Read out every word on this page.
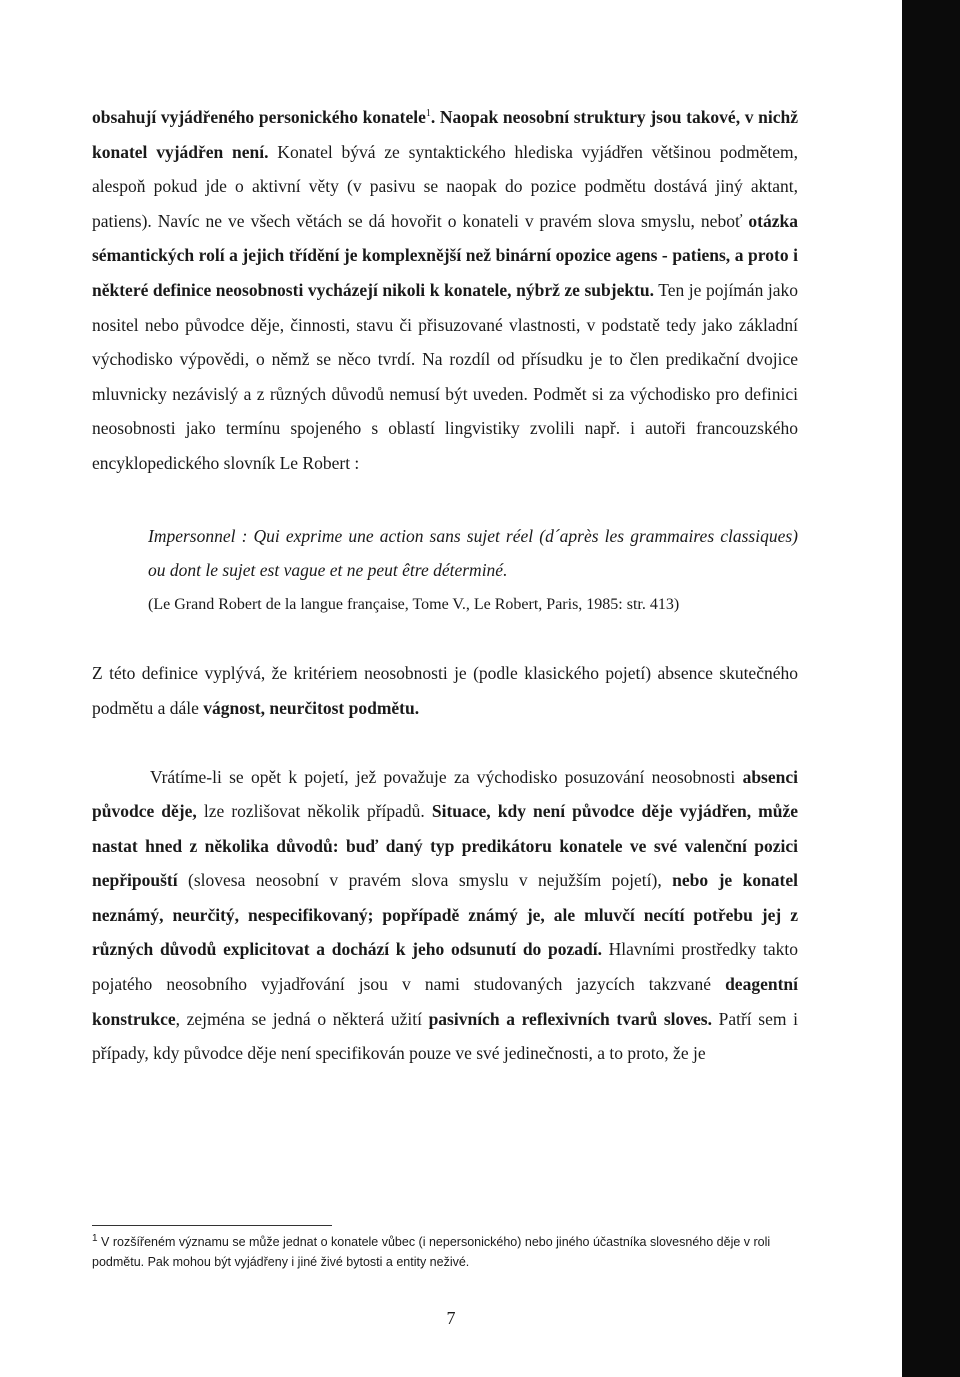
obsahují vyjádřeného personického konatele$^1$. Naopak neosobní struktury jsou takové, v nichž konatel vyjádřen není. Konatel bývá ze syntaktického hlediska vyjádřen většinou podmětem, alespoň pokud jde o aktivní věty (v pasivu se naopak do pozice podmětu dostává jiný aktant, patiens). Navíc ne ve všech větách se dá hovořit o konateli v pravém slova smyslu, neboť otázka sémantických rolí a jejich třídění je komplexnější než binární opozice agens - patiens, a proto i některé definice neosobnosti vycházejí nikoli k konatele, nýbrž ze subjektu. Ten je pojímán jako nositel nebo původce děje, činnosti, stavu či přisuzované vlastnosti, v podstatě tedy jako základní východisko výpovědi, o němž se něco tvrdí. Na rozdíl od přísudku je to člen predikační dvojice mluvnicky nezávislý a z různých důvodů nemusí být uveden. Podmět si za východisko pro definici neosobnosti jako termínu spojeného s oblastí lingvistiky zvolili např. i autoři francouzského encyklopedického slovník Le Robert :

Impersonnel : Qui exprime une action sans sujet réel (d´après les grammaires classiques) ou dont le sujet est vague et ne peut être déterminé.

(Le Grand Robert de la langue française, Tome V., Le Robert, Paris, 1985: str. 413)

Z této definice vyplývá, že kritériem neosobnosti je (podle klasického pojetí) absence skutečného podmětu a dále vágnost, neurčitost podmětu.

Vrátíme-li se opět k pojetí, jež považuje za východisko posuzování neosobnosti absenci původce děje, lze rozlišovat několik případů. Situace, kdy není původce děje vyjádřen, může nastat hned z několika důvodů: buď daný typ predikátoru konatele ve své valenční pozici nepřipouští (slovesa neosobní v pravém slova smyslu v nejužším pojetí), nebo je konatel neznámý, neurčitý, nespecifikovaný; popřípadě známý je, ale mluvčí necítí potřebu jej z různých důvodů explicitovat a dochází k jeho odsunutí do pozadí. Hlavními prostředky takto pojatého neosobního vyjadřování jsou v nami studovaných jazycích takzvané deagentní konstrukce, zejména se jedná o některá užití pasivních a reflexivních tvarů sloves. Patří sem i případy, kdy původce děje není specifikován pouze ve své jedinečnosti, a to proto, že je

$^1$ V rozšířeném významu se může jednat o konatele vůbec (i nepersonického) nebo jiného účastníka slovesného děje v roli podmětu. Pak mohou být vyjádřeny i jiné živé bytosti a entity neživé.

7
